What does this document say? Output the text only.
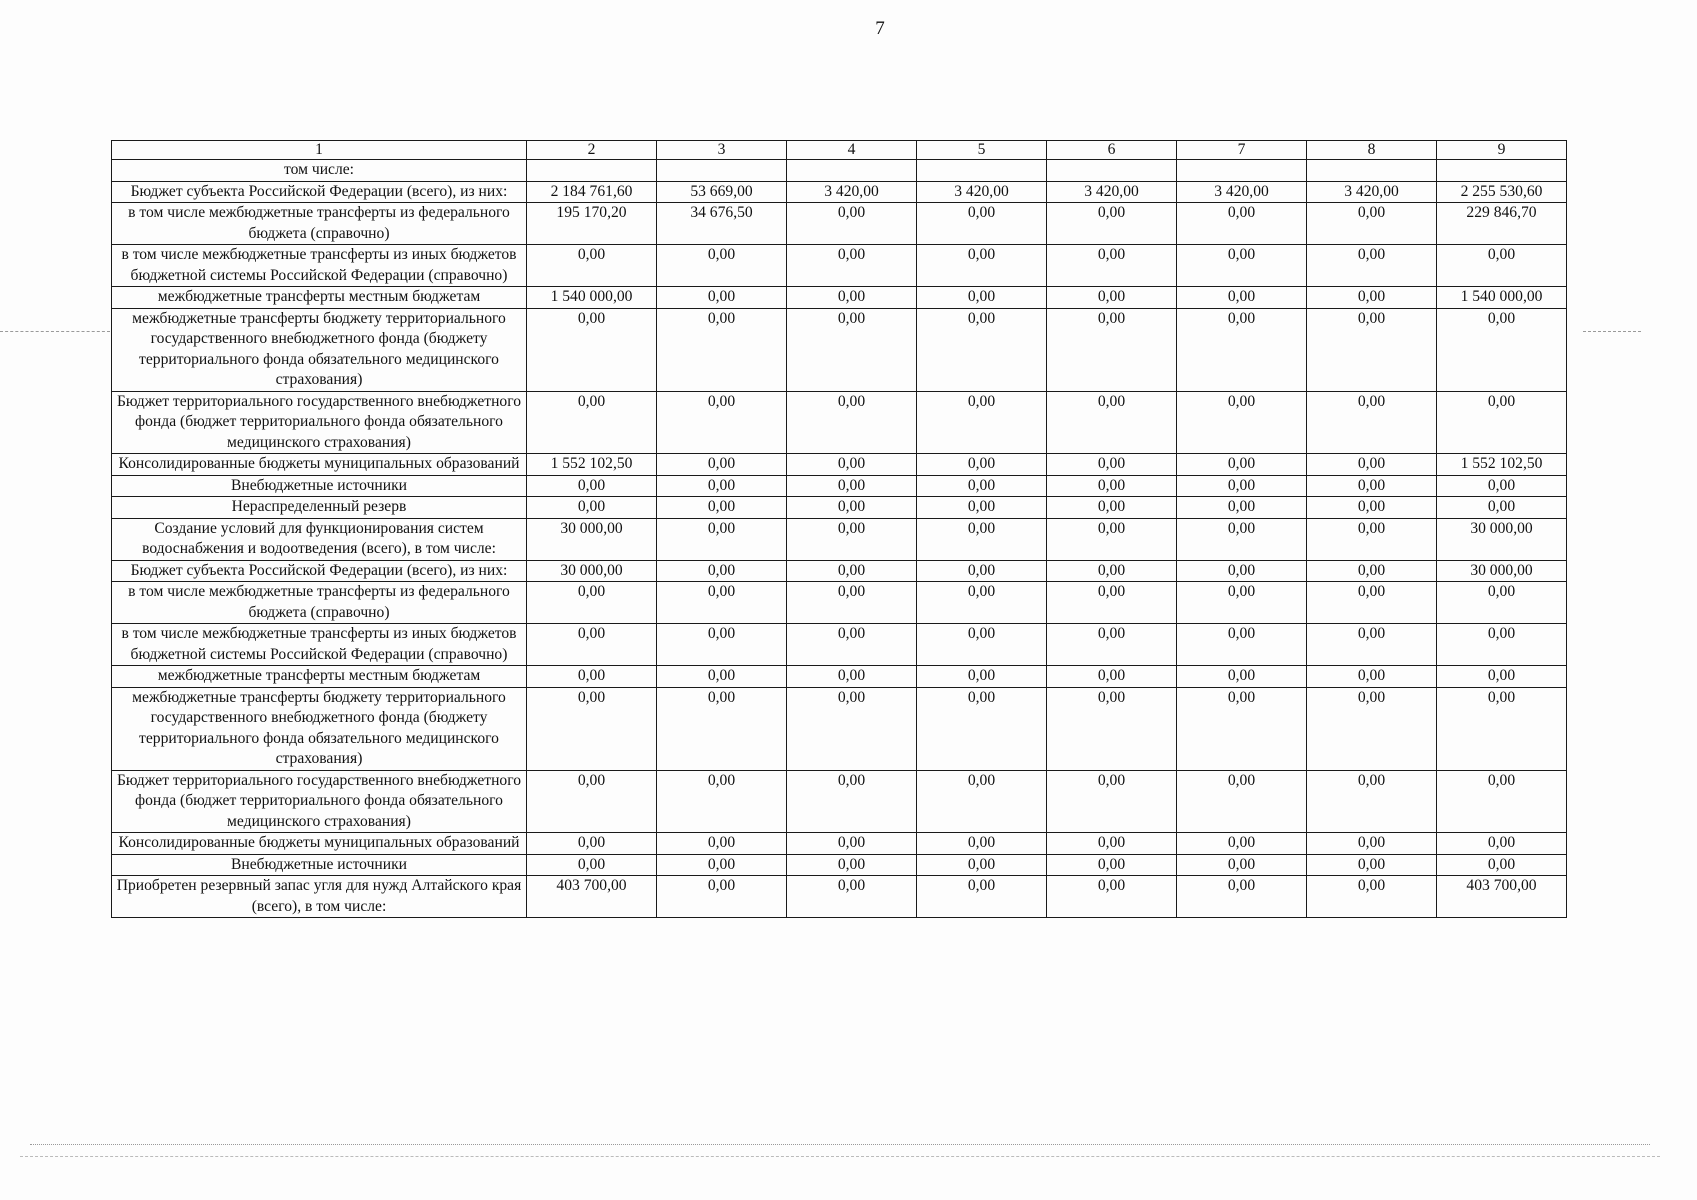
7
1	2	3	4	5	6	7	8	9
том числе:								
Бюджет субъекта Российской Федерации (всего), из них:	2 184 761,60	53 669,00	3 420,00	3 420,00	3 420,00	3 420,00	3 420,00	2 255 530,60
в том числе межбюджетные трансферты из федерального бюджета (справочно)	195 170,20	34 676,50	0,00	0,00	0,00	0,00	0,00	229 846,70
в том числе межбюджетные трансферты из иных бюджетов бюджетной системы Российской Федерации (справочно)	0,00	0,00	0,00	0,00	0,00	0,00	0,00	0,00
межбюджетные трансферты местным бюджетам	1 540 000,00	0,00	0,00	0,00	0,00	0,00	0,00	1 540 000,00
межбюджетные трансферты бюджету территориального государственного внебюджетного фонда (бюджету территориального фонда обязательного медицинского страхования)	0,00	0,00	0,00	0,00	0,00	0,00	0,00	0,00
Бюджет территориального государственного внебюджетного фонда (бюджет территориального фонда обязательного медицинского страхования)	0,00	0,00	0,00	0,00	0,00	0,00	0,00	0,00
Консолидированные бюджеты муниципальных образований	1 552 102,50	0,00	0,00	0,00	0,00	0,00	0,00	1 552 102,50
Внебюджетные источники	0,00	0,00	0,00	0,00	0,00	0,00	0,00	0,00
Нераспределенный резерв	0,00	0,00	0,00	0,00	0,00	0,00	0,00	0,00
Создание условий для функционирования систем водоснабжения и водоотведения (всего), в том числе:	30 000,00	0,00	0,00	0,00	0,00	0,00	0,00	30 000,00
Бюджет субъекта Российской Федерации (всего), из них:	30 000,00	0,00	0,00	0,00	0,00	0,00	0,00	30 000,00
в том числе межбюджетные трансферты из федерального бюджета (справочно)	0,00	0,00	0,00	0,00	0,00	0,00	0,00	0,00
в том числе межбюджетные трансферты из иных бюджетов бюджетной системы Российской Федерации (справочно)	0,00	0,00	0,00	0,00	0,00	0,00	0,00	0,00
межбюджетные трансферты местным бюджетам	0,00	0,00	0,00	0,00	0,00	0,00	0,00	0,00
межбюджетные трансферты бюджету территориального государственного внебюджетного фонда (бюджету территориального фонда обязательного медицинского страхования)	0,00	0,00	0,00	0,00	0,00	0,00	0,00	0,00
Бюджет территориального государственного внебюджетного фонда (бюджет территориального фонда обязательного медицинского страхования)	0,00	0,00	0,00	0,00	0,00	0,00	0,00	0,00
Консолидированные бюджеты муниципальных образований	0,00	0,00	0,00	0,00	0,00	0,00	0,00	0,00
Внебюджетные источники	0,00	0,00	0,00	0,00	0,00	0,00	0,00	0,00
Приобретен резервный запас угля для нужд Алтайского края (всего), в том числе:	403 700,00	0,00	0,00	0,00	0,00	0,00	0,00	403 700,00
